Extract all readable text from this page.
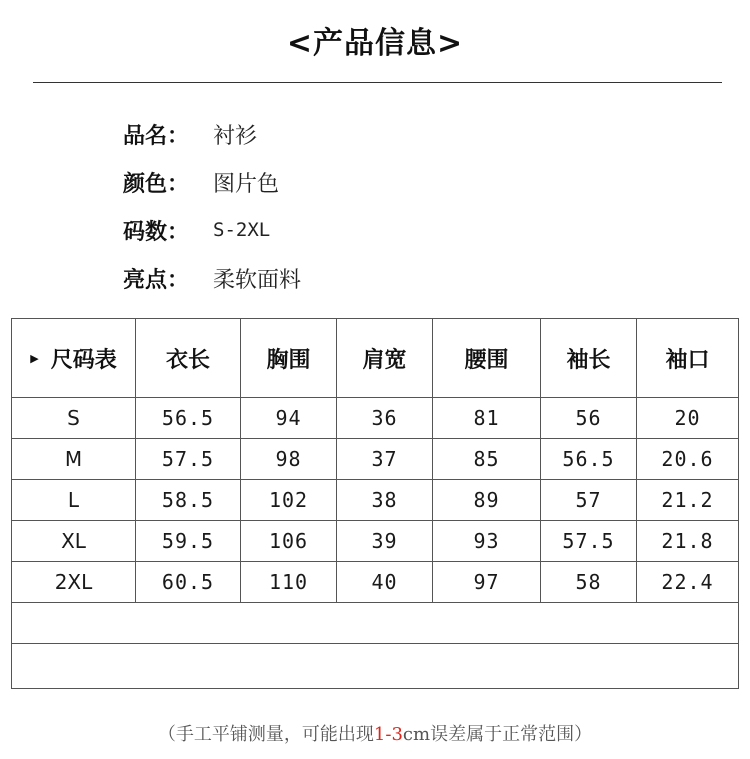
<产品信息>
品名：	衬衫
颜色：	图片色
码数：	S-2XL
亮点：	柔软面料
▶ 尺码表	衣长	胸围	肩宽	腰围	袖长	袖口
S	56.5	94	36	81	56	20
M	57.5	98	37	85	56.5	20.6
L	58.5	102	38	89	57	21.2
XL	59.5	106	39	93	57.5	21.8
2XL	60.5	110	40	97	58	22.4

（手工平铺测量，可能出现1-3cm误差属于正常范围）
